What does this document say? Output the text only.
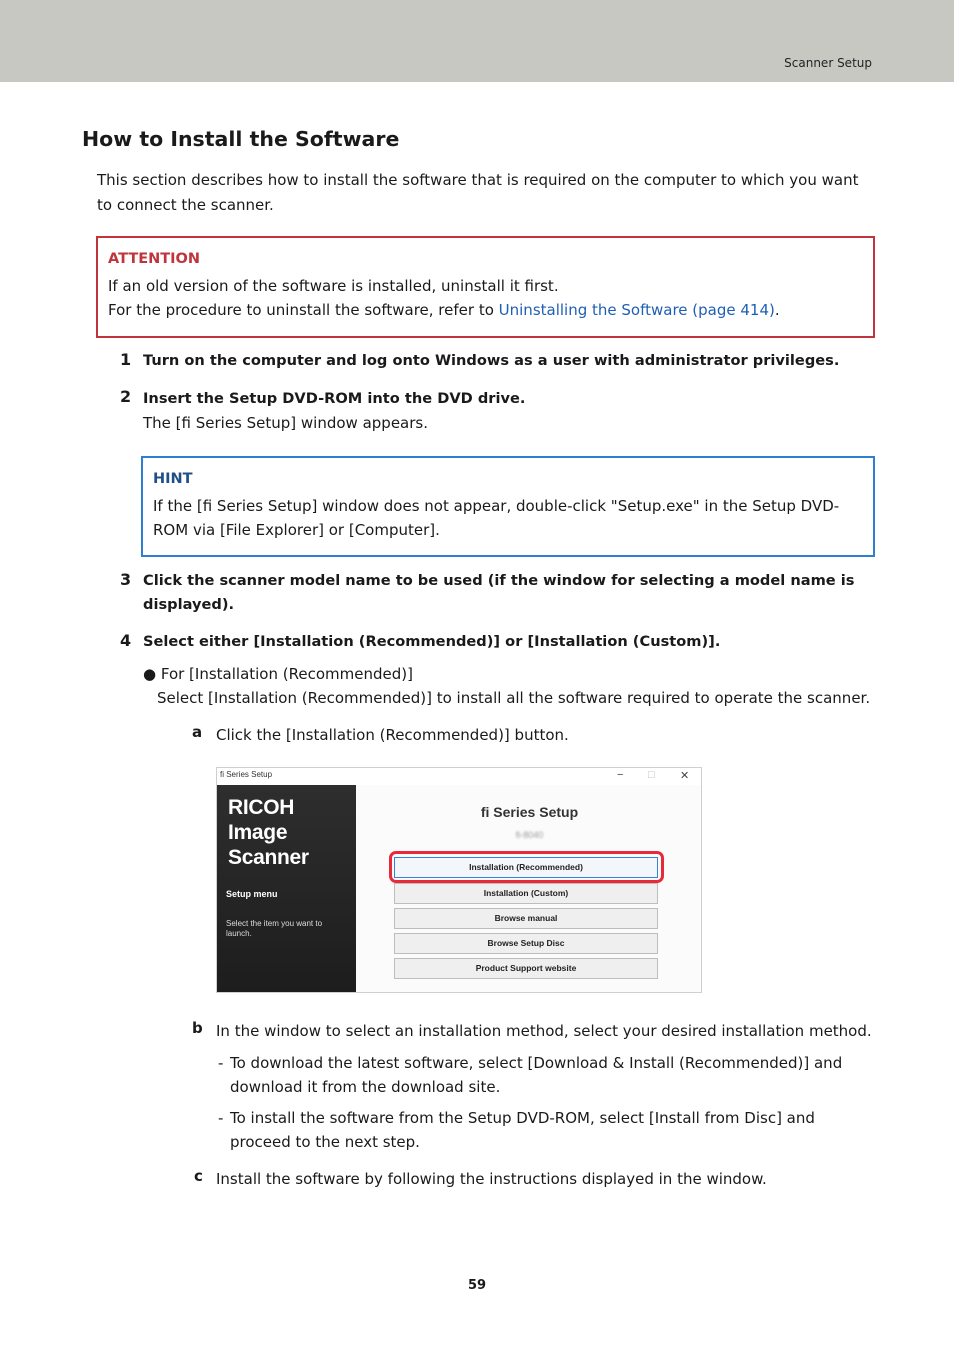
Scanner Setup
How to Install the Software
This section describes how to install the software that is required on the computer to which you want to connect the scanner.
ATTENTION
If an old version of the software is installed, uninstall it first.
For the procedure to uninstall the software, refer to Uninstalling the Software (page 414).
1 Turn on the computer and log onto Windows as a user with administrator privileges.
2 Insert the Setup DVD-ROM into the DVD drive.
The [fi Series Setup] window appears.
HINT
If the [fi Series Setup] window does not appear, double-click "Setup.exe" in the Setup DVD-
ROM via [File Explorer] or [Computer].
3 Click the scanner model name to be used (if the window for selecting a model name is
displayed).
4 Select either [Installation (Recommended)] or [Installation (Custom)].
● For [Installation (Recommended)]
Select [Installation (Recommended)] to install all the software required to operate the scanner.
a Click the [Installation (Recommended)] button.
fi Series Setup	− □ ✕
RICOH
Image
Scanner
Setup menu
Select the item you want to launch.
fi Series Setup
fi-8040
Installation (Recommended)
Installation (Custom)
Browse manual
Browse Setup Disc
Product Support website
b In the window to select an installation method, select your desired installation method.
- To download the latest software, select [Download & Install (Recommended)] and
download it from the download site.
- To install the software from the Setup DVD-ROM, select [Install from Disc] and
proceed to the next step.
c Install the software by following the instructions displayed in the window.
59
